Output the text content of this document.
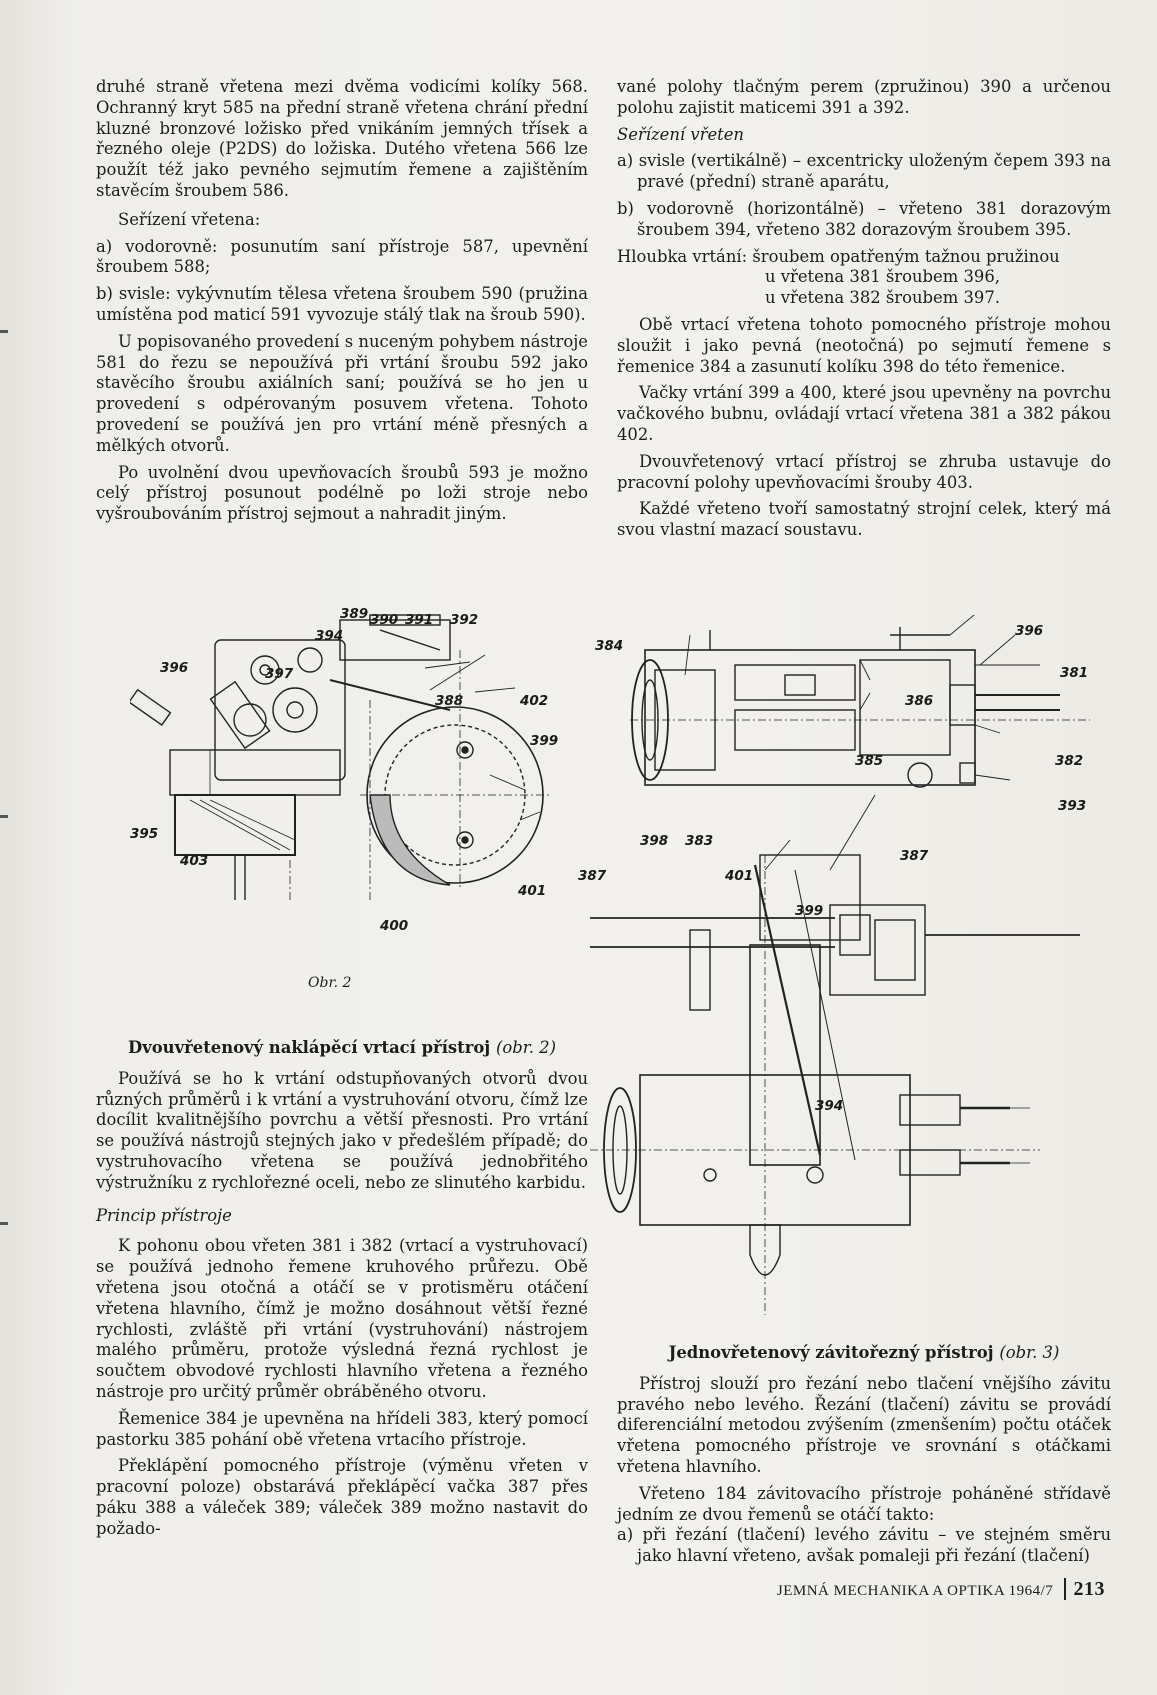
druhé straně vřetena mezi dvěma vodicími kolíky 568. Ochranný kryt 585 na přední straně vřetena chrání přední kluzné bronzové ložisko před vnikáním jemných třísek a řezného oleje (P2DS) do ložiska. Dutého vřetena 566 lze použít též jako pevného sejmutím řemene a zajištěním stavěcím šroubem 586.

Seřízení vřetena:

a) vodorovně: posunutím saní přístroje 587, upevnění šroubem 588;

b) svisle: vykývnutím tělesa vřetena šroubem 590 (pružina umístěna pod maticí 591 vyvozuje stálý tlak na šroub 590).

U popisovaného provedení s nuceným pohybem nástroje 581 do řezu se nepoužívá při vrtání šroubu 592 jako stavěcího šroubu axiálních saní; používá se ho jen u provedení s odpérovaným posuvem vřetena. Tohoto provedení se používá jen pro vrtání méně přesných a mělkých otvorů.

Po uvolnění dvou upevňovacích šroubů 593 je možno celý přístroj posunout podélně po loži stroje nebo vyšroubováním přístroj sejmout a nahradit jiným.

vané polohy tlačným perem (zpružinou) 390 a určenou polohu zajistit maticemi 391 a 392.

Seřízení vřeten

a) svisle (vertikálně) – excentricky uloženým čepem 393 na pravé (přední) straně aparátu,

b) vodorovně (horizontálně) – vřeteno 381 dorazovým šroubem 394, vřeteno 382 dorazovým šroubem 395.

Hloubka vrtání: šroubem opatřeným tažnou pružinou

u vřetena 381 šroubem 396,

u vřetena 382 šroubem 397.

Obě vrtací vřetena tohoto pomocného přístroje mohou sloužit i jako pevná (neotočná) po sejmutí řemene s řemenice 384 a zasunutí kolíku 398 do této řemenice.

Vačky vrtání 399 a 400, které jsou upevněny na povrchu vačkového bubnu, ovládají vrtací vřetena 381 a 382 pákou 402.

Dvouvřetenový vrtací přístroj se zhruba ustavuje do pracovní polohy upevňovacími šrouby 403.

Každé vřeteno tvoří samostatný strojní celek, který má svou vlastní mazací soustavu.

389 390 391 392
394
396	397
388	402
399
395
403
401
400
387
Obr. 2
384
386
396
381
385	382
393
398 383
387
401
399
394

Dvouvřetenový naklápěcí vrtací přístroj (obr. 2)

Používá se ho k vrtání odstupňovaných otvorů dvou různých průměrů i k vrtání a vystruhování otvoru, čímž lze docílit kvalitnějšího povrchu a větší přesnosti. Pro vrtání se používá nástrojů stejných jako v předešlém případě; do vystruhovacího vřetena se používá jednobřitého výstružníku z rychlořezné oceli, nebo ze slinutého karbidu.

Princip přístroje

K pohonu obou vřeten 381 i 382 (vrtací a vystruhovací) se používá jednoho řemene kruhového průřezu. Obě vřetena jsou otočná a otáčí se v protisměru otáčení vřetena hlavního, čímž je možno dosáhnout větší řezné rychlosti, zvláště při vrtání (vystruhování) nástrojem malého průměru, protože výsledná řezná rychlost je součtem obvodové rychlosti hlavního vřetena a řezného nástroje pro určitý průměr obráběného otvoru.

Řemenice 384 je upevněna na hřídeli 383, který pomocí pastorku 385 pohání obě vřetena vrtacího přístroje.

Překlápění pomocného přístroje (výměnu vřeten v pracovní poloze) obstarává překlápěcí vačka 387 přes páku 388 a váleček 389; váleček 389 možno nastavit do požado-

Jednovřetenový závitořezný přístroj (obr. 3)

Přístroj slouží pro řezání nebo tlačení vnějšího závitu pravého nebo levého. Řezání (tlačení) závitu se provádí diferenciální metodou zvýšením (zmenšením) počtu otáček vřetena pomocného přístroje ve srovnání s otáčkami vřetena hlavního.

Vřeteno 184 závitovacího přístroje poháněné střídavě jedním ze dvou řemenů se otáčí takto:

a) při řezání (tlačení) levého závitu – ve stejném směru jako hlavní vřeteno, avšak pomaleji při řezání (tlačení)

JEMNÁ MECHANIKA A OPTIKA 1964/7 213
